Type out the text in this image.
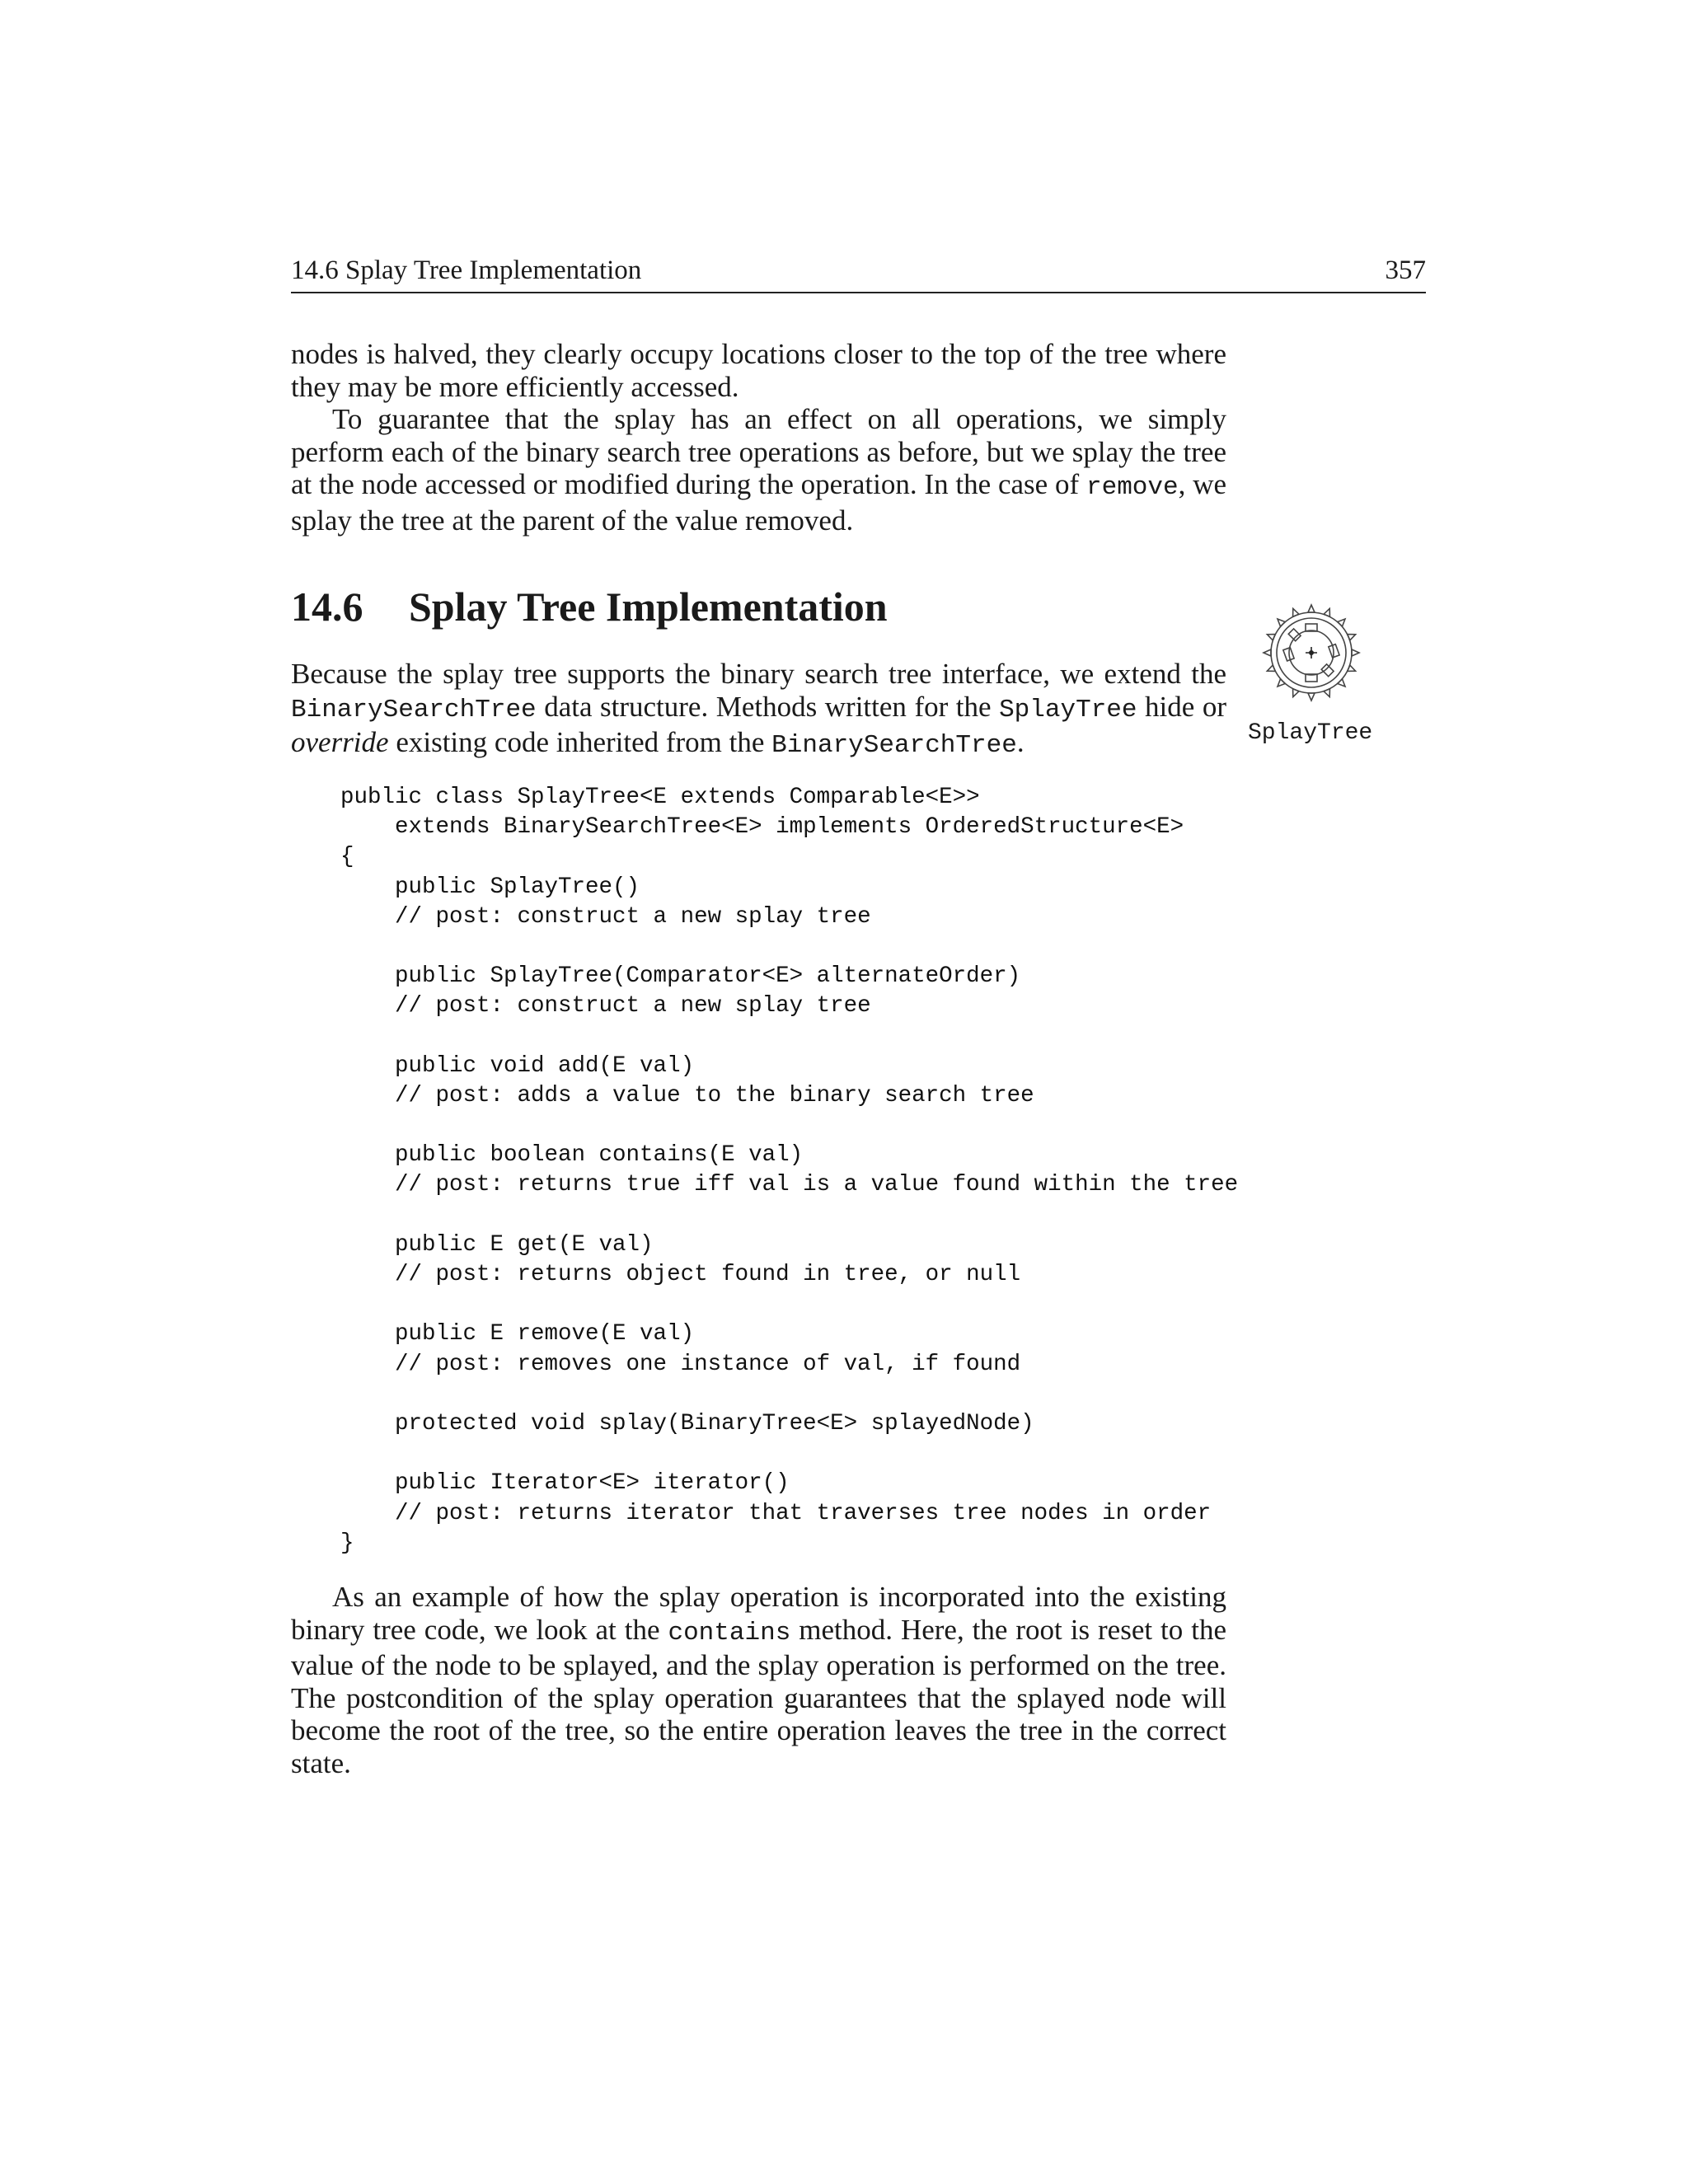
14.6 Splay Tree Implementation	357

nodes is halved, they clearly occupy locations closer to the top of the tree where they may be more efficiently accessed.

To guarantee that the splay has an effect on all operations, we simply perform each of the binary search tree operations as before, but we splay the tree at the node accessed or modified during the operation. In the case of remove, we splay the tree at the parent of the value removed.

14.6 Splay Tree Implementation
SplayTree

Because the splay tree supports the binary search tree interface, we extend the BinarySearchTree data structure. Methods written for the SplayTree hide or override existing code inherited from the BinarySearchTree.

public class SplayTree<E extends Comparable<E>>
extends BinarySearchTree<E> implements OrderedStructure<E>
{
public SplayTree()
// post: construct a new splay tree
public SplayTree(Comparator<E> alternateOrder)
// post: construct a new splay tree
public void add(E val)
// post: adds a value to the binary search tree
public boolean contains(E val)
// post: returns true iff val is a value found within the tree
public E get(E val)
// post: returns object found in tree, or null
public E remove(E val)
// post: removes one instance of val, if found
protected void splay(BinaryTree<E> splayedNode)
public Iterator<E> iterator()
// post: returns iterator that traverses tree nodes in order
}

As an example of how the splay operation is incorporated into the existing binary tree code, we look at the contains method. Here, the root is reset to the value of the node to be splayed, and the splay operation is performed on the tree. The postcondition of the splay operation guarantees that the splayed node will become the root of the tree, so the entire operation leaves the tree in the correct state.
